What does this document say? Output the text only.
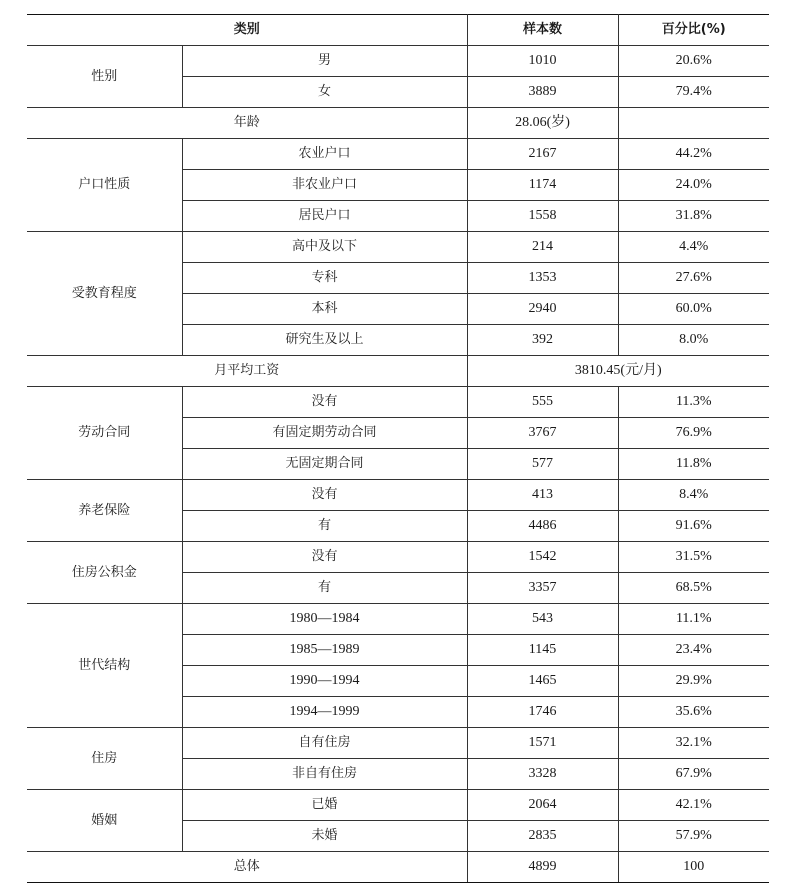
类别		样本数	百分比(%)
性别	男	1010	20.6%
	女	3889	79.4%
年龄		28.06(岁)	
户口性质	农业户口	2167	44.2%
	非农业户口	1174	24.0%
	居民户口	1558	31.8%
受教育程度	高中及以下	214	4.4%
	专科	1353	27.6%
	本科	2940	60.0%
	研究生及以上	392	8.0%
月平均工资		3810.45(元/月)	
劳动合同	没有	555	11.3%
	有固定期劳动合同	3767	76.9%
	无固定期合同	577	11.8%
养老保险	没有	413	8.4%
	有	4486	91.6%
住房公积金	没有	1542	31.5%
	有	3357	68.5%
世代结构	1980—1984	543	11.1%
	1985—1989	1145	23.4%
	1990—1994	1465	29.9%
	1994—1999	1746	35.6%
住房	自有住房	1571	32.1%
	非自有住房	3328	67.9%
婚姻	已婚	2064	42.1%
	未婚	2835	57.9%
总体		4899	100
